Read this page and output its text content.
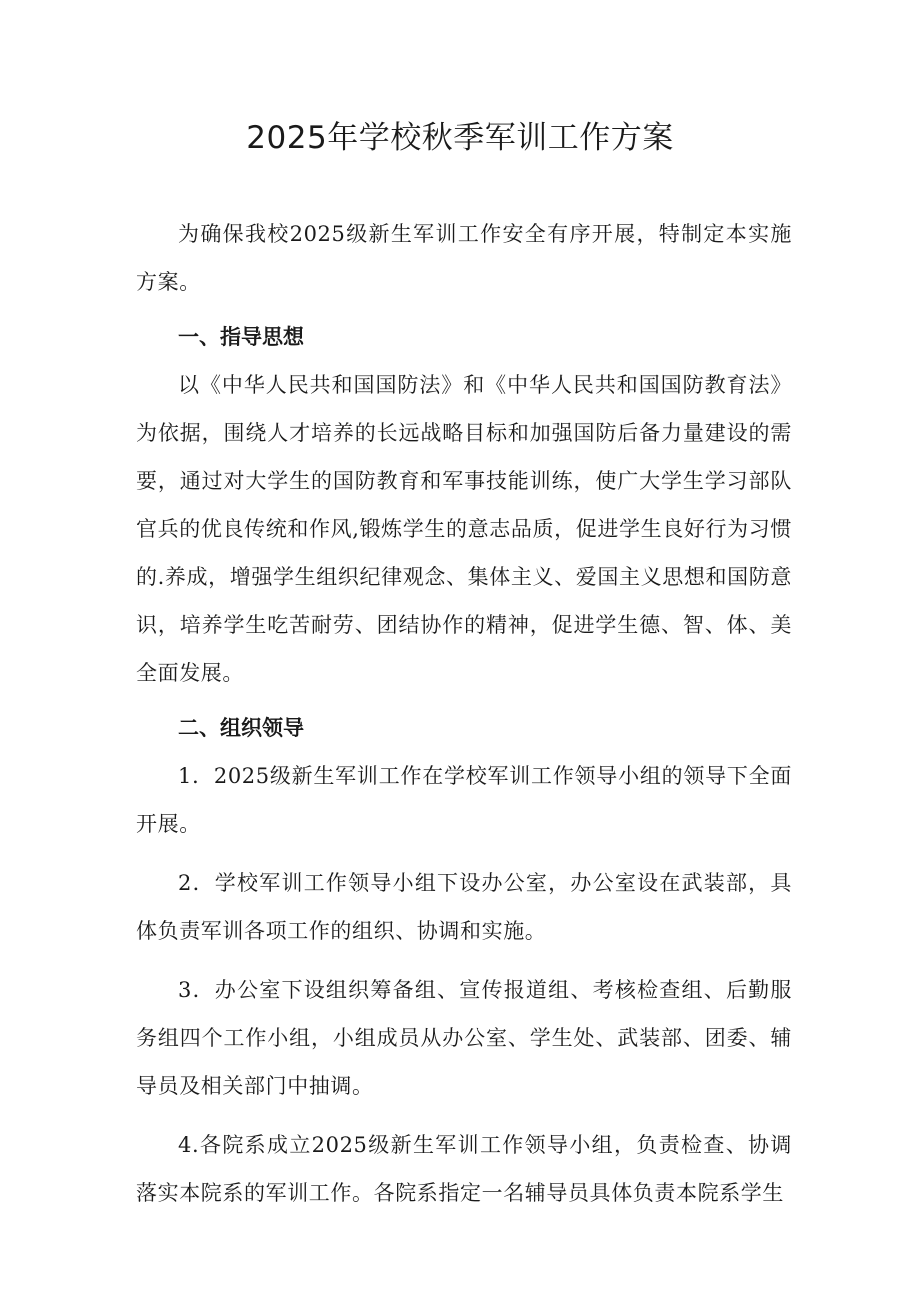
2025年学校秋季军训工作方案

为确保我校2025级新生军训工作安全有序开展，特制定本实施方案。

一、指导思想

以《中华人民共和国国防法》和《中华人民共和国国防教育法》为依据，围绕人才培养的长远战略目标和加强国防后备力量建设的需要，通过对大学生的国防教育和军事技能训练，使广大学生学习部队官兵的优良传统和作风,锻炼学生的意志品质，促进学生良好行为习惯的.养成，增强学生组织纪律观念、集体主义、爱国主义思想和国防意识，培养学生吃苦耐劳、团结协作的精神，促进学生德、智、体、美全面发展。

二、组织领导

1．2025级新生军训工作在学校军训工作领导小组的领导下全面开展。

2．学校军训工作领导小组下设办公室，办公室设在武装部，具体负责军训各项工作的组织、协调和实施。

3．办公室下设组织筹备组、宣传报道组、考核检查组、后勤服务组四个工作小组，小组成员从办公室、学生处、武装部、团委、辅导员及相关部门中抽调。

4.各院系成立2025级新生军训工作领导小组，负责检查、协调落实本院系的军训工作。各院系指定一名辅导员具体负责本院系学生
